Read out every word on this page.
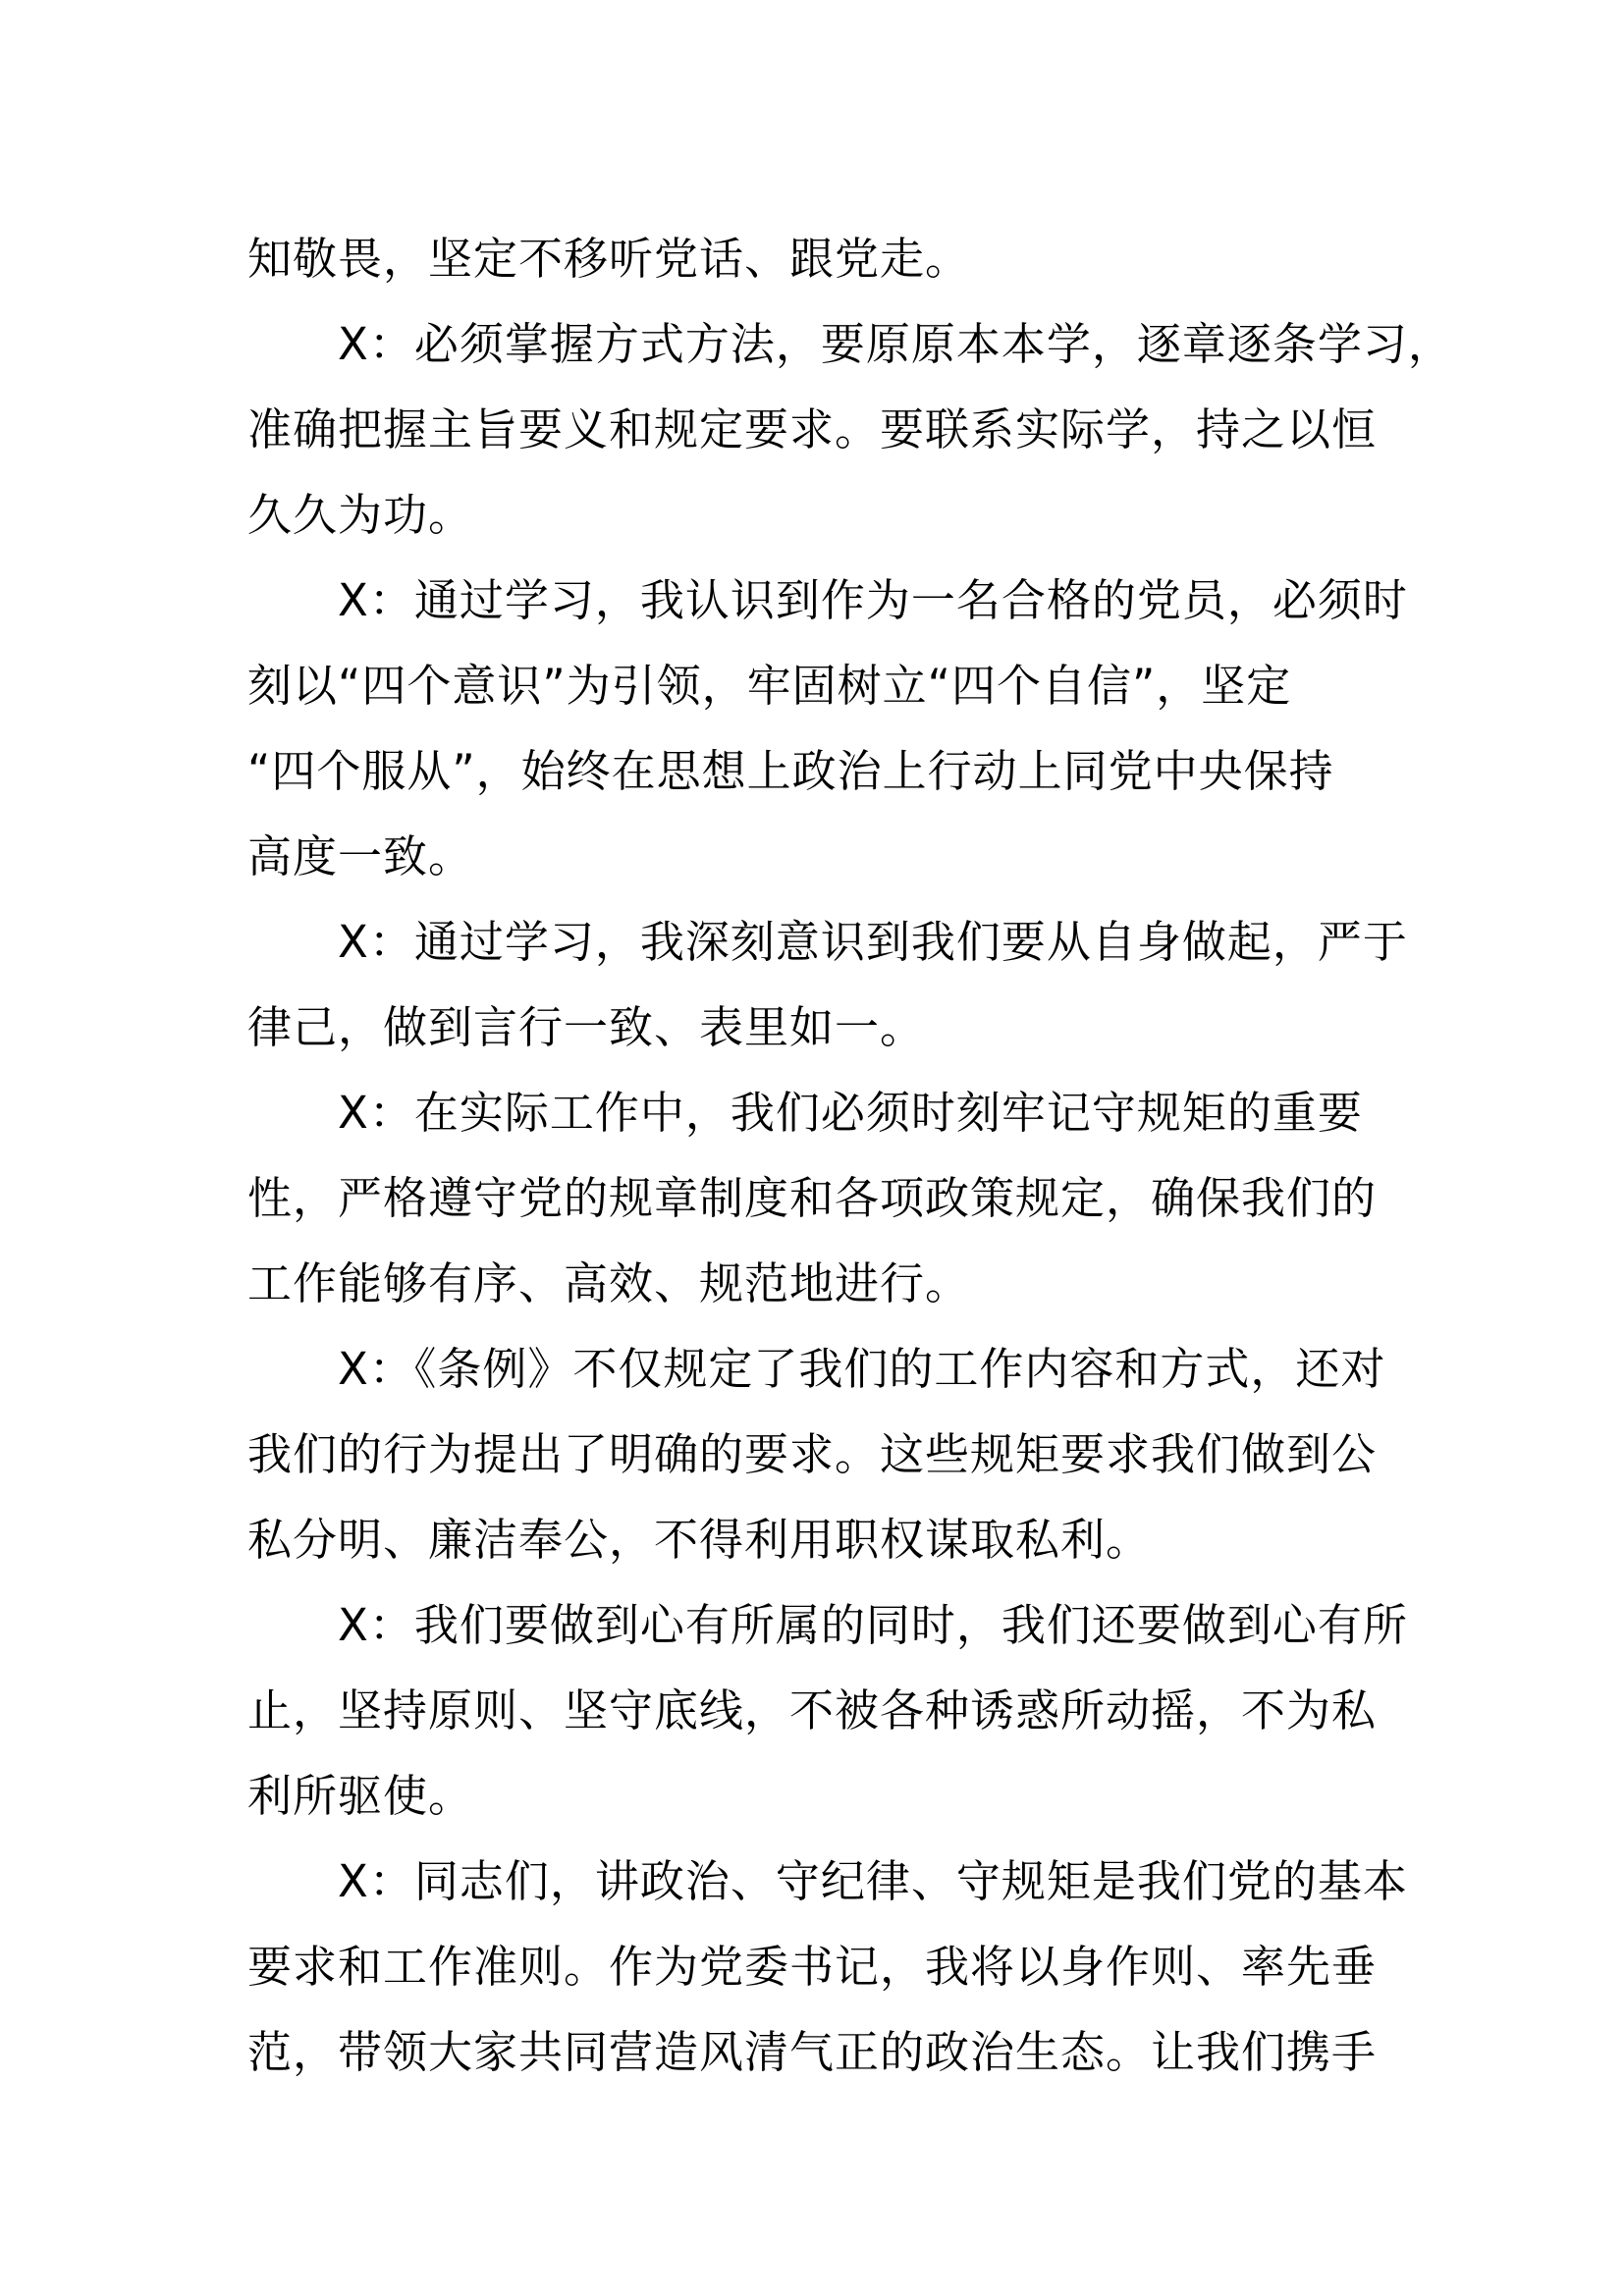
知敬畏，坚定不移听党话、跟党走。
X：必须掌握方式方法，要原原本本学，逐章逐条学习，
准确把握主旨要义和规定要求。要联系实际学，持之以恒
久久为功。
X：通过学习，我认识到作为一名合格的党员，必须时
刻以“四个意识”为引领，牢固树立“四个自信”，坚定
“四个服从”，始终在思想上政治上行动上同党中央保持
高度一致。
X：通过学习，我深刻意识到我们要从自身做起，严于
律己，做到言行一致、表里如一。
X：在实际工作中，我们必须时刻牢记守规矩的重要
性，严格遵守党的规章制度和各项政策规定，确保我们的
工作能够有序、高效、规范地进行。
X：《条例》不仅规定了我们的工作内容和方式，还对
我们的行为提出了明确的要求。这些规矩要求我们做到公
私分明、廉洁奉公，不得利用职权谋取私利。
X：我们要做到心有所属的同时，我们还要做到心有所
止，坚持原则、坚守底线，不被各种诱惑所动摇，不为私
利所驱使。
X：同志们，讲政治、守纪律、守规矩是我们党的基本
要求和工作准则。作为党委书记，我将以身作则、率先垂
范，带领大家共同营造风清气正的政治生态。让我们携手
